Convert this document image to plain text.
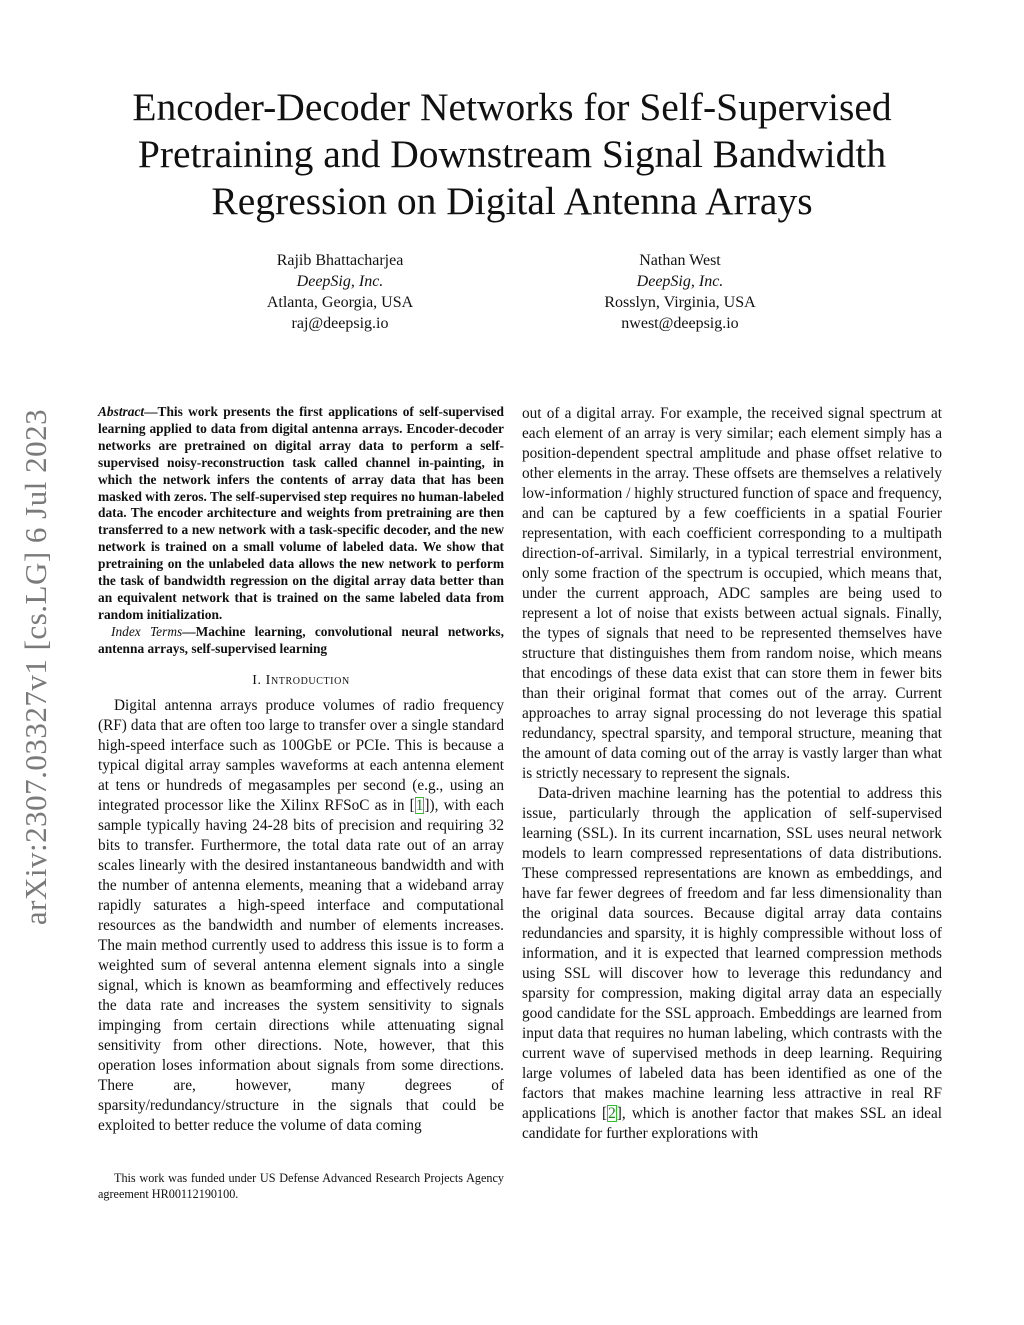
arXiv:2307.03327v1 [cs.LG] 6 Jul 2023
Encoder-Decoder Networks for Self-Supervised Pretraining and Downstream Signal Bandwidth Regression on Digital Antenna Arrays
Rajib Bhattacharjea
DeepSig, Inc.
Atlanta, Georgia, USA
raj@deepsig.io
Nathan West
DeepSig, Inc.
Rosslyn, Virginia, USA
nwest@deepsig.io

Abstract—This work presents the first applications of self-supervised learning applied to data from digital antenna arrays. Encoder-decoder networks are pretrained on digital array data to perform a self-supervised noisy-reconstruction task called channel in-painting, in which the network infers the contents of array data that has been masked with zeros. The self-supervised step requires no human-labeled data. The encoder architecture and weights from pretraining are then transferred to a new network with a task-specific decoder, and the new network is trained on a small volume of labeled data. We show that pretraining on the unlabeled data allows the new network to perform the task of bandwidth regression on the digital array data better than an equivalent network that is trained on the same labeled data from random initialization.

Index Terms—Machine learning, convolutional neural networks, antenna arrays, self-supervised learning

I. Introduction

Digital antenna arrays produce volumes of radio frequency (RF) data that are often too large to transfer over a single standard high-speed interface such as 100GbE or PCIe. This is because a typical digital array samples waveforms at each antenna element at tens or hundreds of megasamples per second (e.g., using an integrated processor like the Xilinx RFSoC as in [1]), with each sample typically having 24-28 bits of precision and requiring 32 bits to transfer. Furthermore, the total data rate out of an array scales linearly with the desired instantaneous bandwidth and with the number of antenna elements, meaning that a wideband array rapidly saturates a high-speed interface and computational resources as the bandwidth and number of elements increases. The main method currently used to address this issue is to form a weighted sum of several antenna element signals into a single signal, which is known as beamforming and effectively reduces the data rate and increases the system sensitivity to signals impinging from certain directions while attenuating signal sensitivity from other directions. Note, however, that this operation loses information about signals from some directions. There are, however, many degrees of sparsity/redundancy/structure in the signals that could be exploited to better reduce the volume of data coming

This work was funded under US Defense Advanced Research Projects Agency agreement HR00112190100.

out of a digital array. For example, the received signal spectrum at each element of an array is very similar; each element simply has a position-dependent spectral amplitude and phase offset relative to other elements in the array. These offsets are themselves a relatively low-information / highly structured function of space and frequency, and can be captured by a few coefficients in a spatial Fourier representation, with each coefficient corresponding to a multipath direction-of-arrival. Similarly, in a typical terrestrial environment, only some fraction of the spectrum is occupied, which means that, under the current approach, ADC samples are being used to represent a lot of noise that exists between actual signals. Finally, the types of signals that need to be represented themselves have structure that distinguishes them from random noise, which means that encodings of these data exist that can store them in fewer bits than their original format that comes out of the array. Current approaches to array signal processing do not leverage this spatial redundancy, spectral sparsity, and temporal structure, meaning that the amount of data coming out of the array is vastly larger than what is strictly necessary to represent the signals.

Data-driven machine learning has the potential to address this issue, particularly through the application of self-supervised learning (SSL). In its current incarnation, SSL uses neural network models to learn compressed representations of data distributions. These compressed representations are known as embeddings, and have far fewer degrees of freedom and far less dimensionality than the original data sources. Because digital array data contains redundancies and sparsity, it is highly compressible without loss of information, and it is expected that learned compression methods using SSL will discover how to leverage this redundancy and sparsity for compression, making digital array data an especially good candidate for the SSL approach. Embeddings are learned from input data that requires no human labeling, which contrasts with the current wave of supervised methods in deep learning. Requiring large volumes of labeled data has been identified as one of the factors that makes machine learning less attractive in real RF applications [2], which is another factor that makes SSL an ideal candidate for further explorations with
